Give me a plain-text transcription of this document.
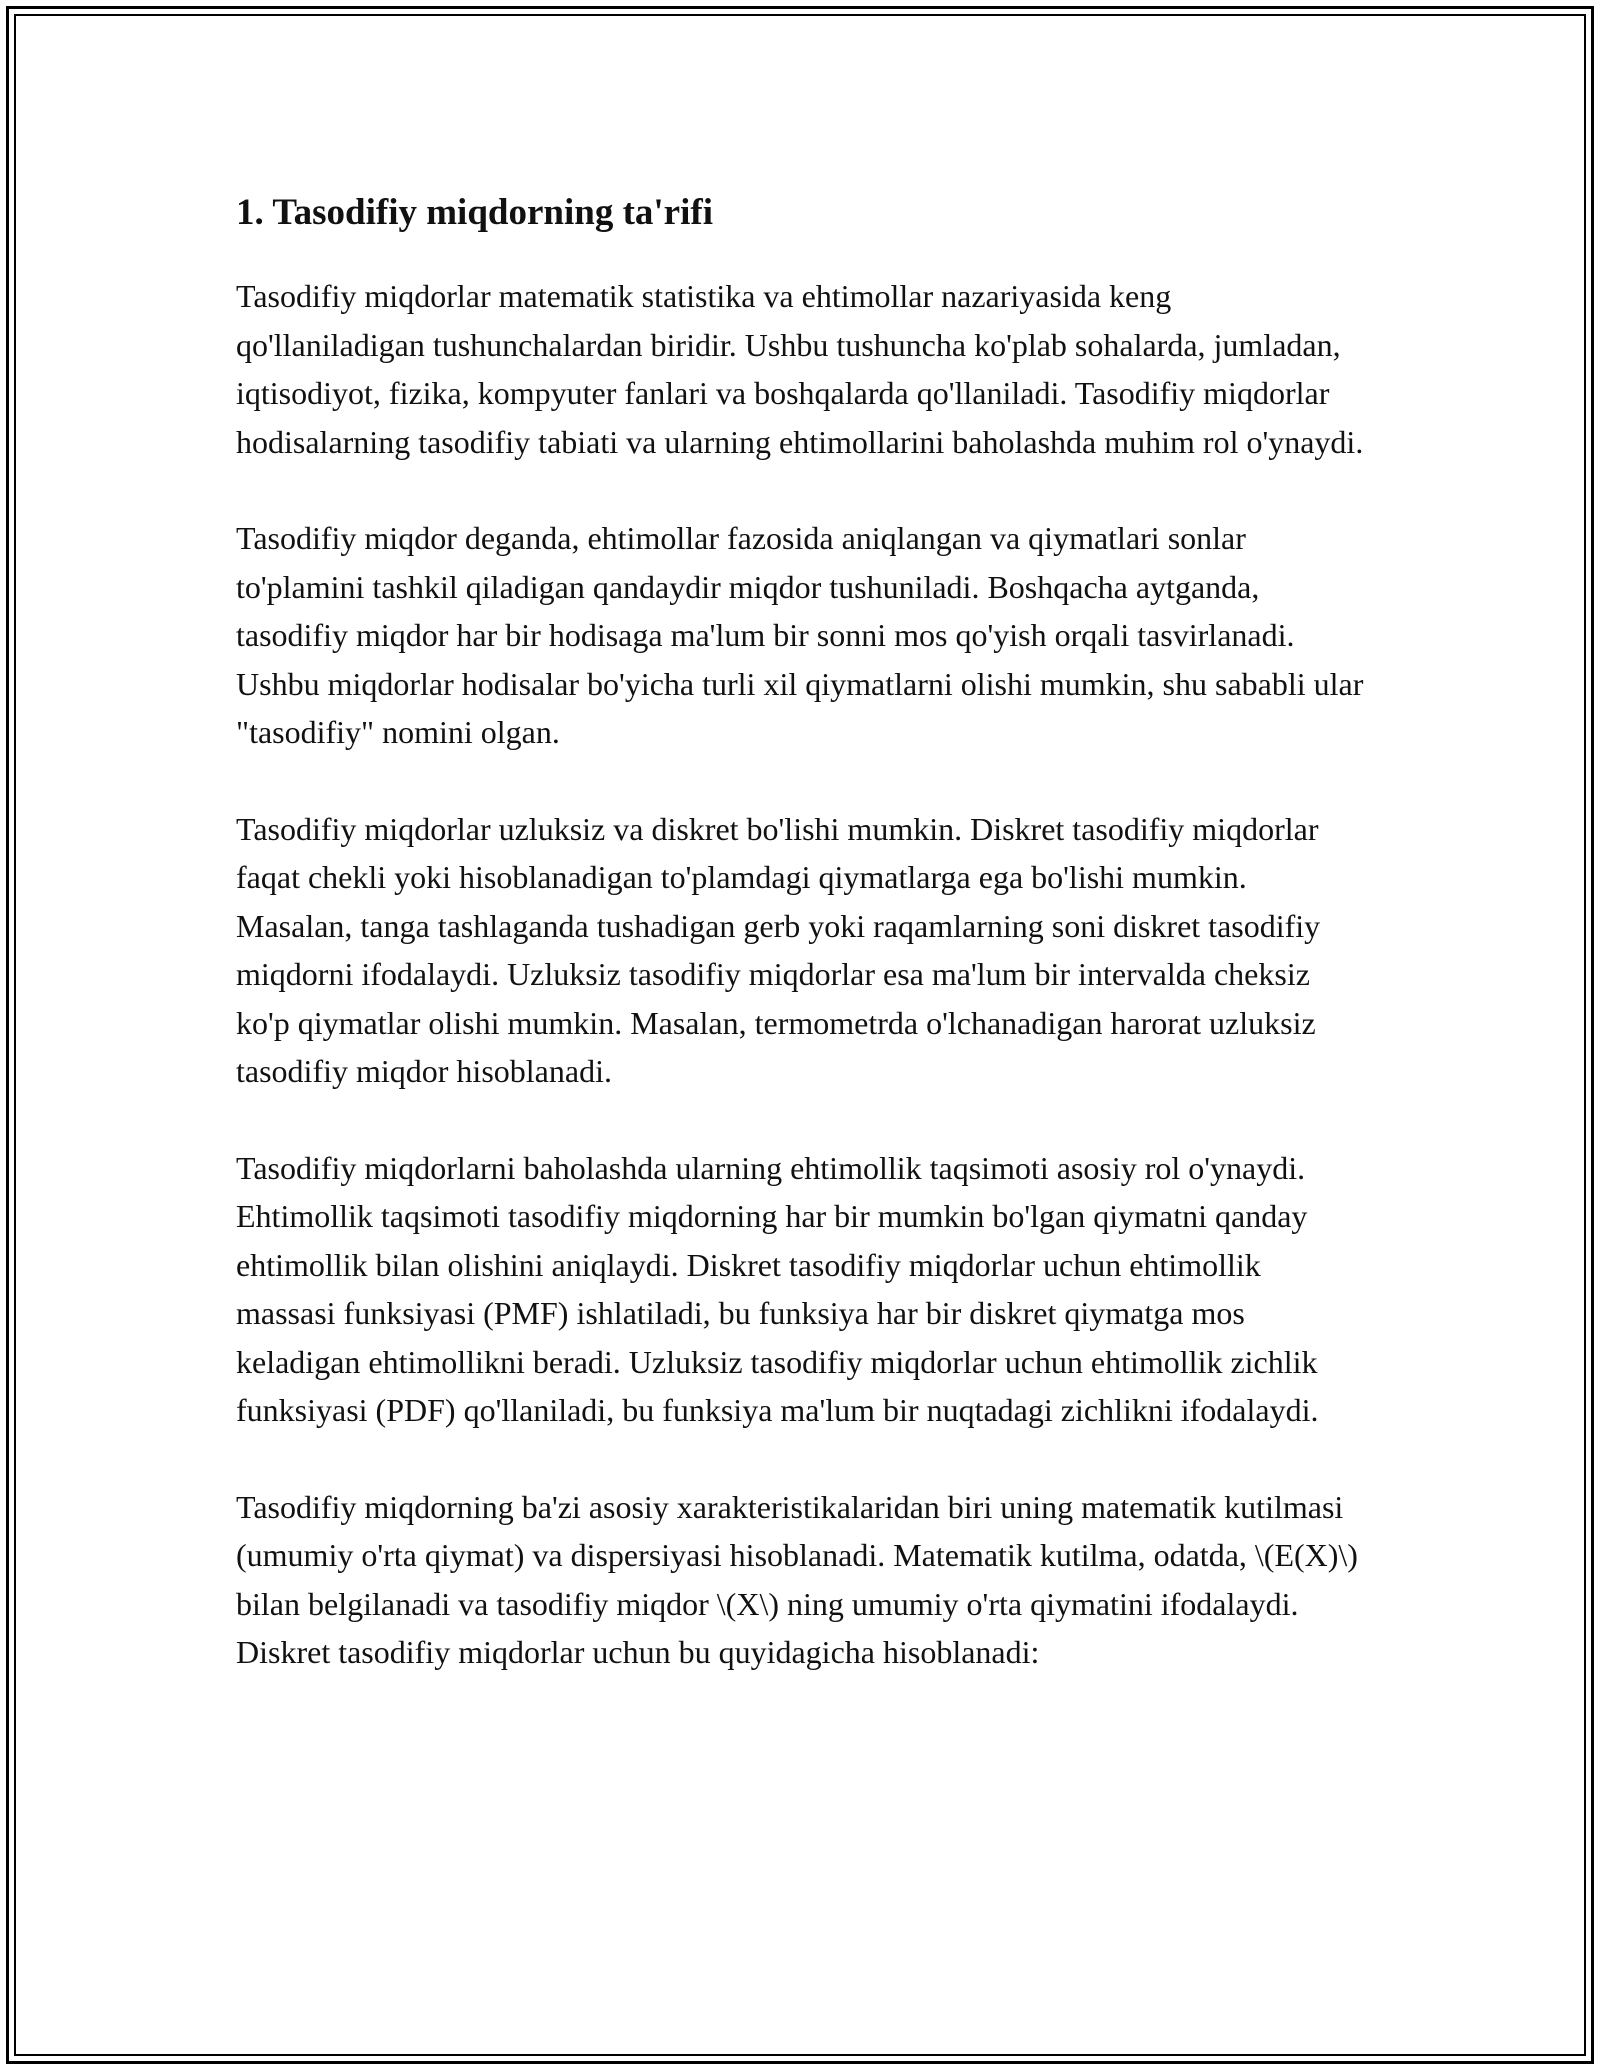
1. Tasodifiy miqdorning ta'rifi

Tasodifiy miqdorlar matematik statistika va ehtimollar nazariyasida keng qo'llaniladigan tushunchalardan biridir. Ushbu tushuncha ko'plab sohalarda, jumladan, iqtisodiyot, fizika, kompyuter fanlari va boshqalarda qo'llaniladi. Tasodifiy miqdorlar hodisalarning tasodifiy tabiati va ularning ehtimollarini baholashda muhim rol o'ynaydi.

Tasodifiy miqdor deganda, ehtimollar fazosida aniqlangan va qiymatlari sonlar to'plamini tashkil qiladigan qandaydir miqdor tushuniladi. Boshqacha aytganda, tasodifiy miqdor har bir hodisaga ma'lum bir sonni mos qo'yish orqali tasvirlanadi. Ushbu miqdorlar hodisalar bo'yicha turli xil qiymatlarni olishi mumkin, shu sababli ular "tasodifiy" nomini olgan.

Tasodifiy miqdorlar uzluksiz va diskret bo'lishi mumkin. Diskret tasodifiy miqdorlar faqat chekli yoki hisoblanadigan to'plamdagi qiymatlarga ega bo'lishi mumkin. Masalan, tanga tashlaganda tushadigan gerb yoki raqamlarning soni diskret tasodifiy miqdorni ifodalaydi. Uzluksiz tasodifiy miqdorlar esa ma'lum bir intervalda cheksiz ko'p qiymatlar olishi mumkin. Masalan, termometrda o'lchanadigan harorat uzluksiz tasodifiy miqdor hisoblanadi.

Tasodifiy miqdorlarni baholashda ularning ehtimollik taqsimoti asosiy rol o'ynaydi. Ehtimollik taqsimoti tasodifiy miqdorning har bir mumkin bo'lgan qiymatni qanday ehtimollik bilan olishini aniqlaydi. Diskret tasodifiy miqdorlar uchun ehtimollik massasi funksiyasi (PMF) ishlatiladi, bu funksiya har bir diskret qiymatga mos keladigan ehtimollikni beradi. Uzluksiz tasodifiy miqdorlar uchun ehtimollik zichlik funksiyasi (PDF) qo'llaniladi, bu funksiya ma'lum bir nuqtadagi zichlikni ifodalaydi.

Tasodifiy miqdorning ba'zi asosiy xarakteristikalaridan biri uning matematik kutilmasi (umumiy o'rta qiymat) va dispersiyasi hisoblanadi. Matematik kutilma, odatda, \(E(X)\) bilan belgilanadi va tasodifiy miqdor \(X\) ning umumiy o'rta qiymatini ifodalaydi. Diskret tasodifiy miqdorlar uchun bu quyidagicha hisoblanadi:
